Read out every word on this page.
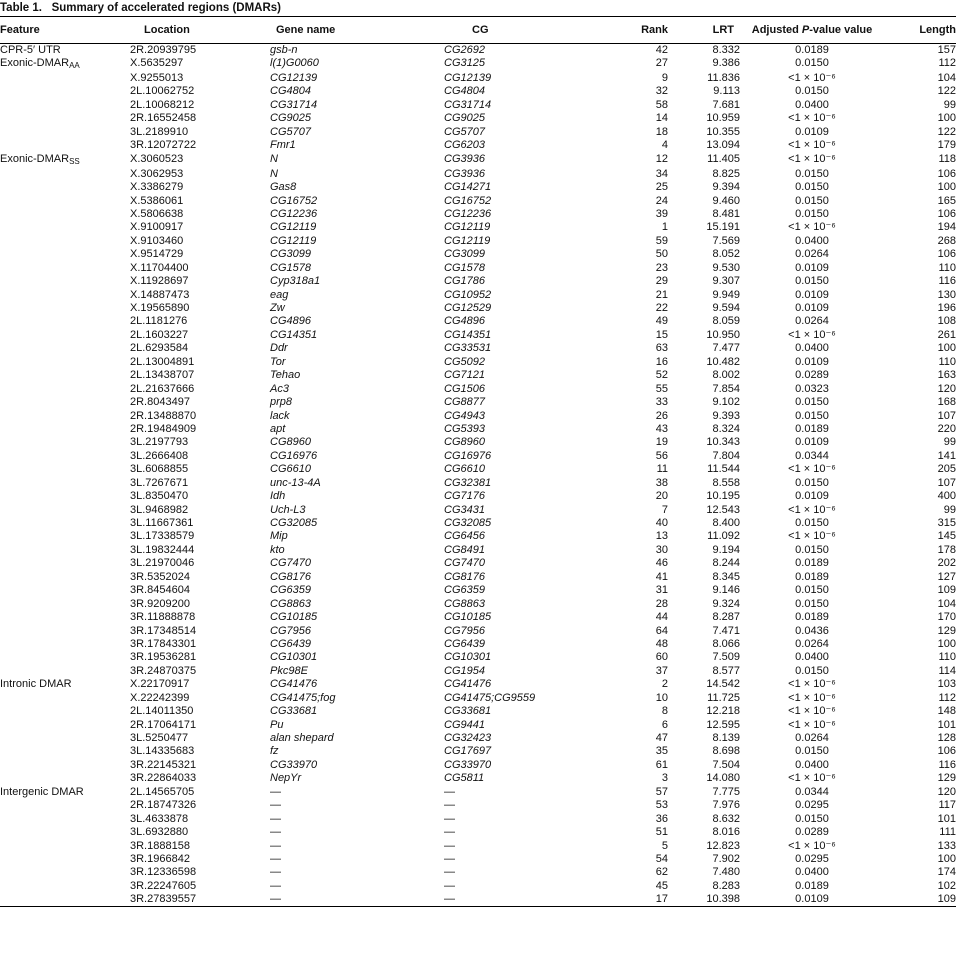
Table 1. Summary of accelerated regions (DMARs)
Feature	Location	Gene name	CG	Rank	LRT	Adjusted P-value value	Length
CPR-5′ UTR	2R.20939795	gsb-n	CG2692	42	8.332	0.0189	157
Exonic-$DMAR_{AA}$	X.5635297	l(1)G0060	CG3125	27	9.386	0.0150	112
	X.9255013	CG12139	CG12139	9	11.836	<1 × 10⁻⁶	104
	2L.10062752	CG4804	CG4804	32	9.113	0.0150	122
	2L.10068212	CG31714	CG31714	58	7.681	0.0400	99
	2R.16552458	CG9025	CG9025	14	10.959	<1 × 10⁻⁶	100
	3L.2189910	CG5707	CG5707	18	10.355	0.0109	122
	3R.12072722	Fmr1	CG6203	4	13.094	<1 × 10⁻⁶	179
Exonic-$DMAR_{SS}$	X.3060523	N	CG3936	12	11.405	<1 × 10⁻⁶	118
	X.3062953	N	CG3936	34	8.825	0.0150	106
	X.3386279	Gas8	CG14271	25	9.394	0.0150	100
	X.5386061	CG16752	CG16752	24	9.460	0.0150	165
	X.5806638	CG12236	CG12236	39	8.481	0.0150	106
	X.9100917	CG12119	CG12119	1	15.191	<1 × 10⁻⁶	194
	X.9103460	CG12119	CG12119	59	7.569	0.0400	268
	X.9514729	CG3099	CG3099	50	8.052	0.0264	106
	X.11704400	CG1578	CG1578	23	9.530	0.0109	110
	X.11928697	Cyp318a1	CG1786	29	9.307	0.0150	116
	X.14887473	eag	CG10952	21	9.949	0.0109	130
	X.19565890	Zw	CG12529	22	9.594	0.0109	196
	2L.1181276	CG4896	CG4896	49	8.059	0.0264	108
	2L.1603227	CG14351	CG14351	15	10.950	<1 × 10⁻⁶	261
	2L.6293584	Ddr	CG33531	63	7.477	0.0400	100
	2L.13004891	Tor	CG5092	16	10.482	0.0109	110
	2L.13438707	Tehao	CG7121	52	8.002	0.0289	163
	2L.21637666	Ac3	CG1506	55	7.854	0.0323	120
	2R.8043497	prp8	CG8877	33	9.102	0.0150	168
	2R.13488870	lack	CG4943	26	9.393	0.0150	107
	2R.19484909	apt	CG5393	43	8.324	0.0189	220
	3L.2197793	CG8960	CG8960	19	10.343	0.0109	99
	3L.2666408	CG16976	CG16976	56	7.804	0.0344	141
	3L.6068855	CG6610	CG6610	11	11.544	<1 × 10⁻⁶	205
	3L.7267671	unc-13-4A	CG32381	38	8.558	0.0150	107
	3L.8350470	Idh	CG7176	20	10.195	0.0109	400
	3L.9468982	Uch-L3	CG3431	7	12.543	<1 × 10⁻⁶	99
	3L.11667361	CG32085	CG32085	40	8.400	0.0150	315
	3L.17338579	Mip	CG6456	13	11.092	<1 × 10⁻⁶	145
	3L.19832444	kto	CG8491	30	9.194	0.0150	178
	3L.21970046	CG7470	CG7470	46	8.244	0.0189	202
	3R.5352024	CG8176	CG8176	41	8.345	0.0189	127
	3R.8454604	CG6359	CG6359	31	9.146	0.0150	109
	3R.9209200	CG8863	CG8863	28	9.324	0.0150	104
	3R.11888878	CG10185	CG10185	44	8.287	0.0189	170
	3R.17348514	CG7956	CG7956	64	7.471	0.0436	129
	3R.17843301	CG6439	CG6439	48	8.066	0.0264	100
	3R.19536281	CG10301	CG10301	60	7.509	0.0400	110
	3R.24870375	Pkc98E	CG1954	37	8.577	0.0150	114
Intronic DMAR	X.22170917	CG41476	CG41476	2	14.542	<1 × 10⁻⁶	103
	X.22242399	CG41475;fog	CG41475;CG9559	10	11.725	<1 × 10⁻⁶	112
	2L.14011350	CG33681	CG33681	8	12.218	<1 × 10⁻⁶	148
	2R.17064171	Pu	CG9441	6	12.595	<1 × 10⁻⁶	101
	3L.5250477	alan shepard	CG32423	47	8.139	0.0264	128
	3L.14335683	fz	CG17697	35	8.698	0.0150	106
	3R.22145321	CG33970	CG33970	61	7.504	0.0400	116
	3R.22864033	NepYr	CG5811	3	14.080	<1 × 10⁻⁶	129
Intergenic DMAR	2L.14565705	—	—	57	7.775	0.0344	120
	2R.18747326	—	—	53	7.976	0.0295	117
	3L.4633878	—	—	36	8.632	0.0150	101
	3L.6932880	—	—	51	8.016	0.0289	111
	3R.1888158	—	—	5	12.823	<1 × 10⁻⁶	133
	3R.1966842	—	—	54	7.902	0.0295	100
	3R.12336598	—	—	62	7.480	0.0400	174
	3R.22247605	—	—	45	8.283	0.0189	102
	3R.27839557	—	—	17	10.398	0.0109	109
